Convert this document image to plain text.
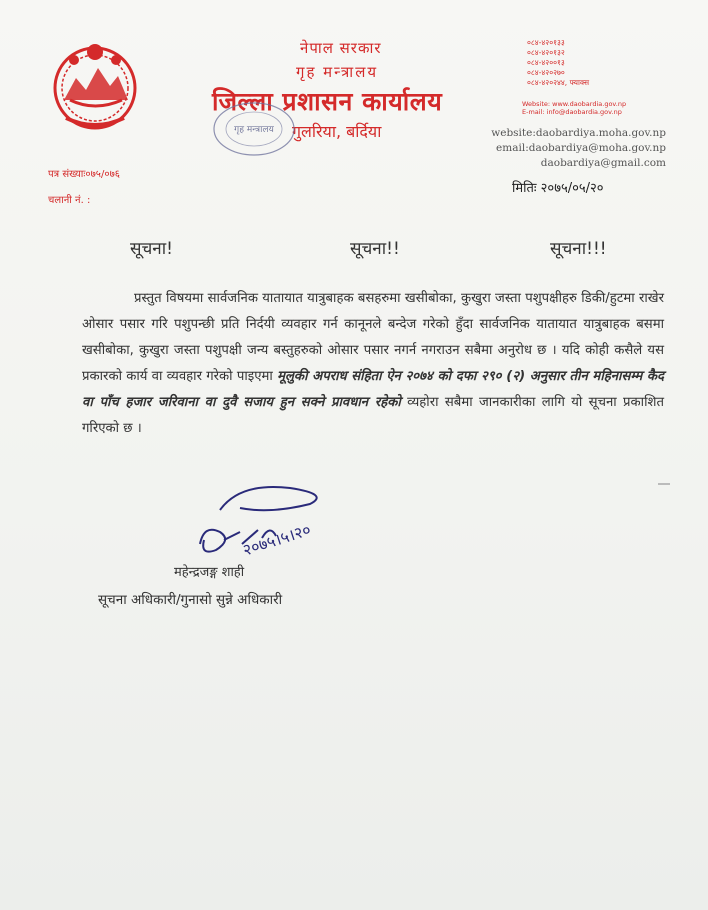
नेपाल सरकार
गृह मन्त्रालय
जिल्ला प्रशासन कार्यालय
गुलरिया, बर्दिया
गृह मन्त्रालय
०८४-४२०१३३
०८४-४२०१३२
०८४-४२००१३
०८४-४२०२७०
०८४-४२०२४४, फ्याक्स
Website: www.daobardia.gov.np
E-mail: info@daobardia.gov.np
website:daobardiya.moha.gov.np
email:daobardiya@moha.gov.np
daobardiya@gmail.com
पत्र संख्याः०७५/०७६
चलानी नं. :
मितिः २०७५/०५/२०
सूचना!	सूचना!!	सूचना!!!
प्रस्तुत विषयमा सार्वजनिक यातायात यात्रुबाहक बसहरुमा खसीबोका, कुखुरा जस्ता पशुपक्षीहरु डिकी/हुटमा राखेर ओसार पसार गरि पशुपन्छी प्रति निर्दयी व्यवहार गर्न कानूनले बन्देज गरेको हुँदा सार्वजनिक यातायात यात्रुबाहक बसमा खसीबोका, कुखुरा जस्ता पशुपक्षी जन्य बस्तुहरुको ओसार पसार नगर्न नगराउन सबैमा अनुरोध छ । यदि कोही कसैले यस प्रकारको कार्य वा व्यवहार गरेको पाइएमा मूलुकी अपराध संहिता ऐन २०७४ को दफा २९० (२) अनुसार तीन महिनासम्म कैद वा पाँच हजार जरिवाना वा दुवै सजाय हुन सक्ने प्रावधान रहेको व्यहोरा सबैमा जानकारीका लागि यो सूचना प्रकाशित गरिएको छ ।
२०७५।५।२०
महेन्द्रजङ्ग शाही
सूचना अधिकारी/गुनासो सुन्ने अधिकारी
